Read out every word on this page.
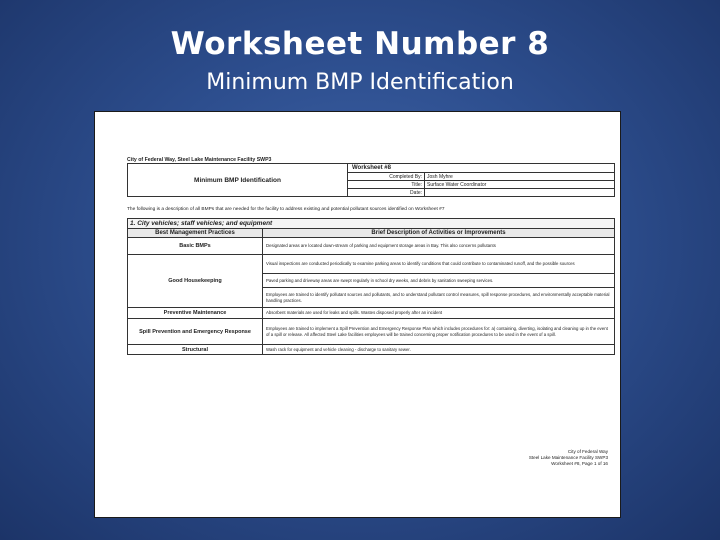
Worksheet Number 8
Minimum BMP Identification
City of Federal Way, Steel Lake Maintenance Facility SWP3
Minimum BMP Identification	Worksheet #8	
	Completed By:	Josh Myhre
	Title:	Surface Water Coordinator
	Date:	
The following is a description of all BMPs that are needed for the facility to address existing and potential pollutant sources identified on Worksheet #7
1. City vehicles; staff vehicles; and equipment	
Best Management Practices	Brief Description of Activities or Improvements
Basic BMPs	Designated areas are located down-stream of parking and equipment storage areas in Bay. This also concerns pollutants
Good Housekeeping	Visual inspections are conducted periodically to examine parking areas to identify conditions that could contribute to contaminated runoff, and the possible sources
	Paved parking and driveway areas are swept regularly in school dry weeks, and debris by sanitation sweeping services.
	Employees are trained to identify pollutant sources and pollutants, and to understand pollutant control measures, spill response procedures, and environmentally acceptable material handling practices.
Preventive Maintenance	Absorbent materials are used for leaks and spills. Wastes disposed properly after an incident
Spill Prevention and Emergency Response	Employees are trained to implement a Spill Prevention and Emergency Response Plan which includes procedures for: a) containing, diverting, isolating and cleaning up in the event of a spill or release. All affected Steel Lake facilities employees will be trained concerning proper notification procedures to be used in the event of a spill.
Structural	Wash rack for equipment and vehicle cleaning - discharge to sanitary sewer.
City of Federal Way
Steel Lake Maintenance Facility SWP3
Worksheet #8, Page 1 of 16
